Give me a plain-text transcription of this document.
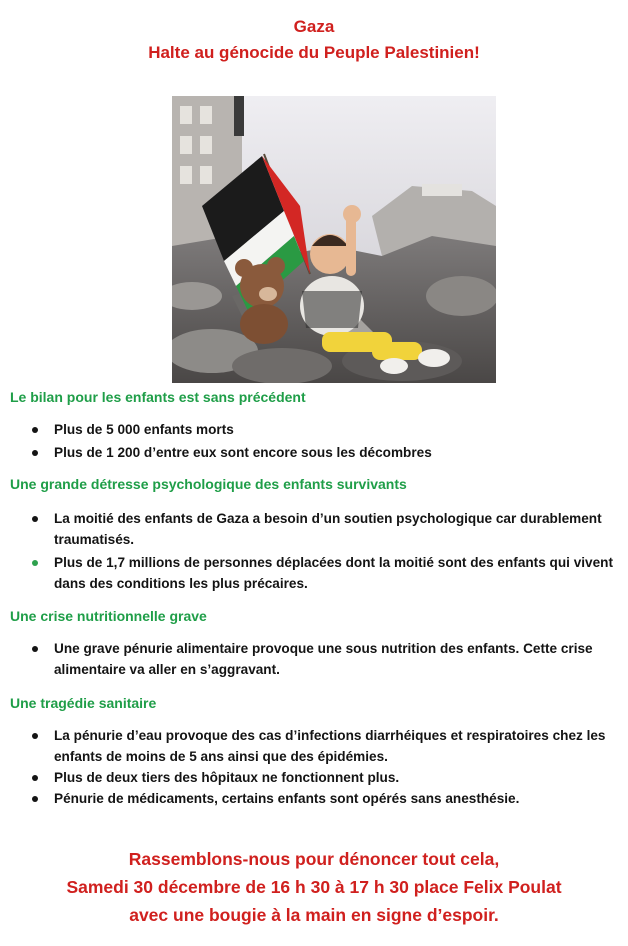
Gaza
Halte au génocide du Peuple Palestinien!
Le bilan pour les enfants est sans précédent
Plus de 5 000 enfants morts
Plus de 1 200 d’entre eux sont encore sous les décombres
Une grande détresse psychologique des enfants survivants
La moitié des enfants de Gaza a besoin d’un soutien psychologique car durablement traumatisés.
Plus de 1,7 millions de personnes déplacées dont la moitié sont des enfants qui vivent dans des conditions les plus précaires.
Une crise nutritionnelle grave
Une grave pénurie alimentaire provoque une sous nutrition des enfants. Cette crise alimentaire va aller en s’aggravant.
Une tragédie sanitaire
La pénurie d’eau provoque des cas d’infections diarrhéiques et respiratoires chez les enfants de moins de 5 ans ainsi que des épidémies.
Plus de deux tiers des hôpitaux ne fonctionnent plus.
Pénurie de médicaments, certains enfants sont opérés sans anesthésie.
Rassemblons-nous pour dénoncer tout cela,
Samedi 30 décembre de 16 h 30 à 17 h 30 place Felix Poulat
avec une bougie à la main en signe d’espoir.
